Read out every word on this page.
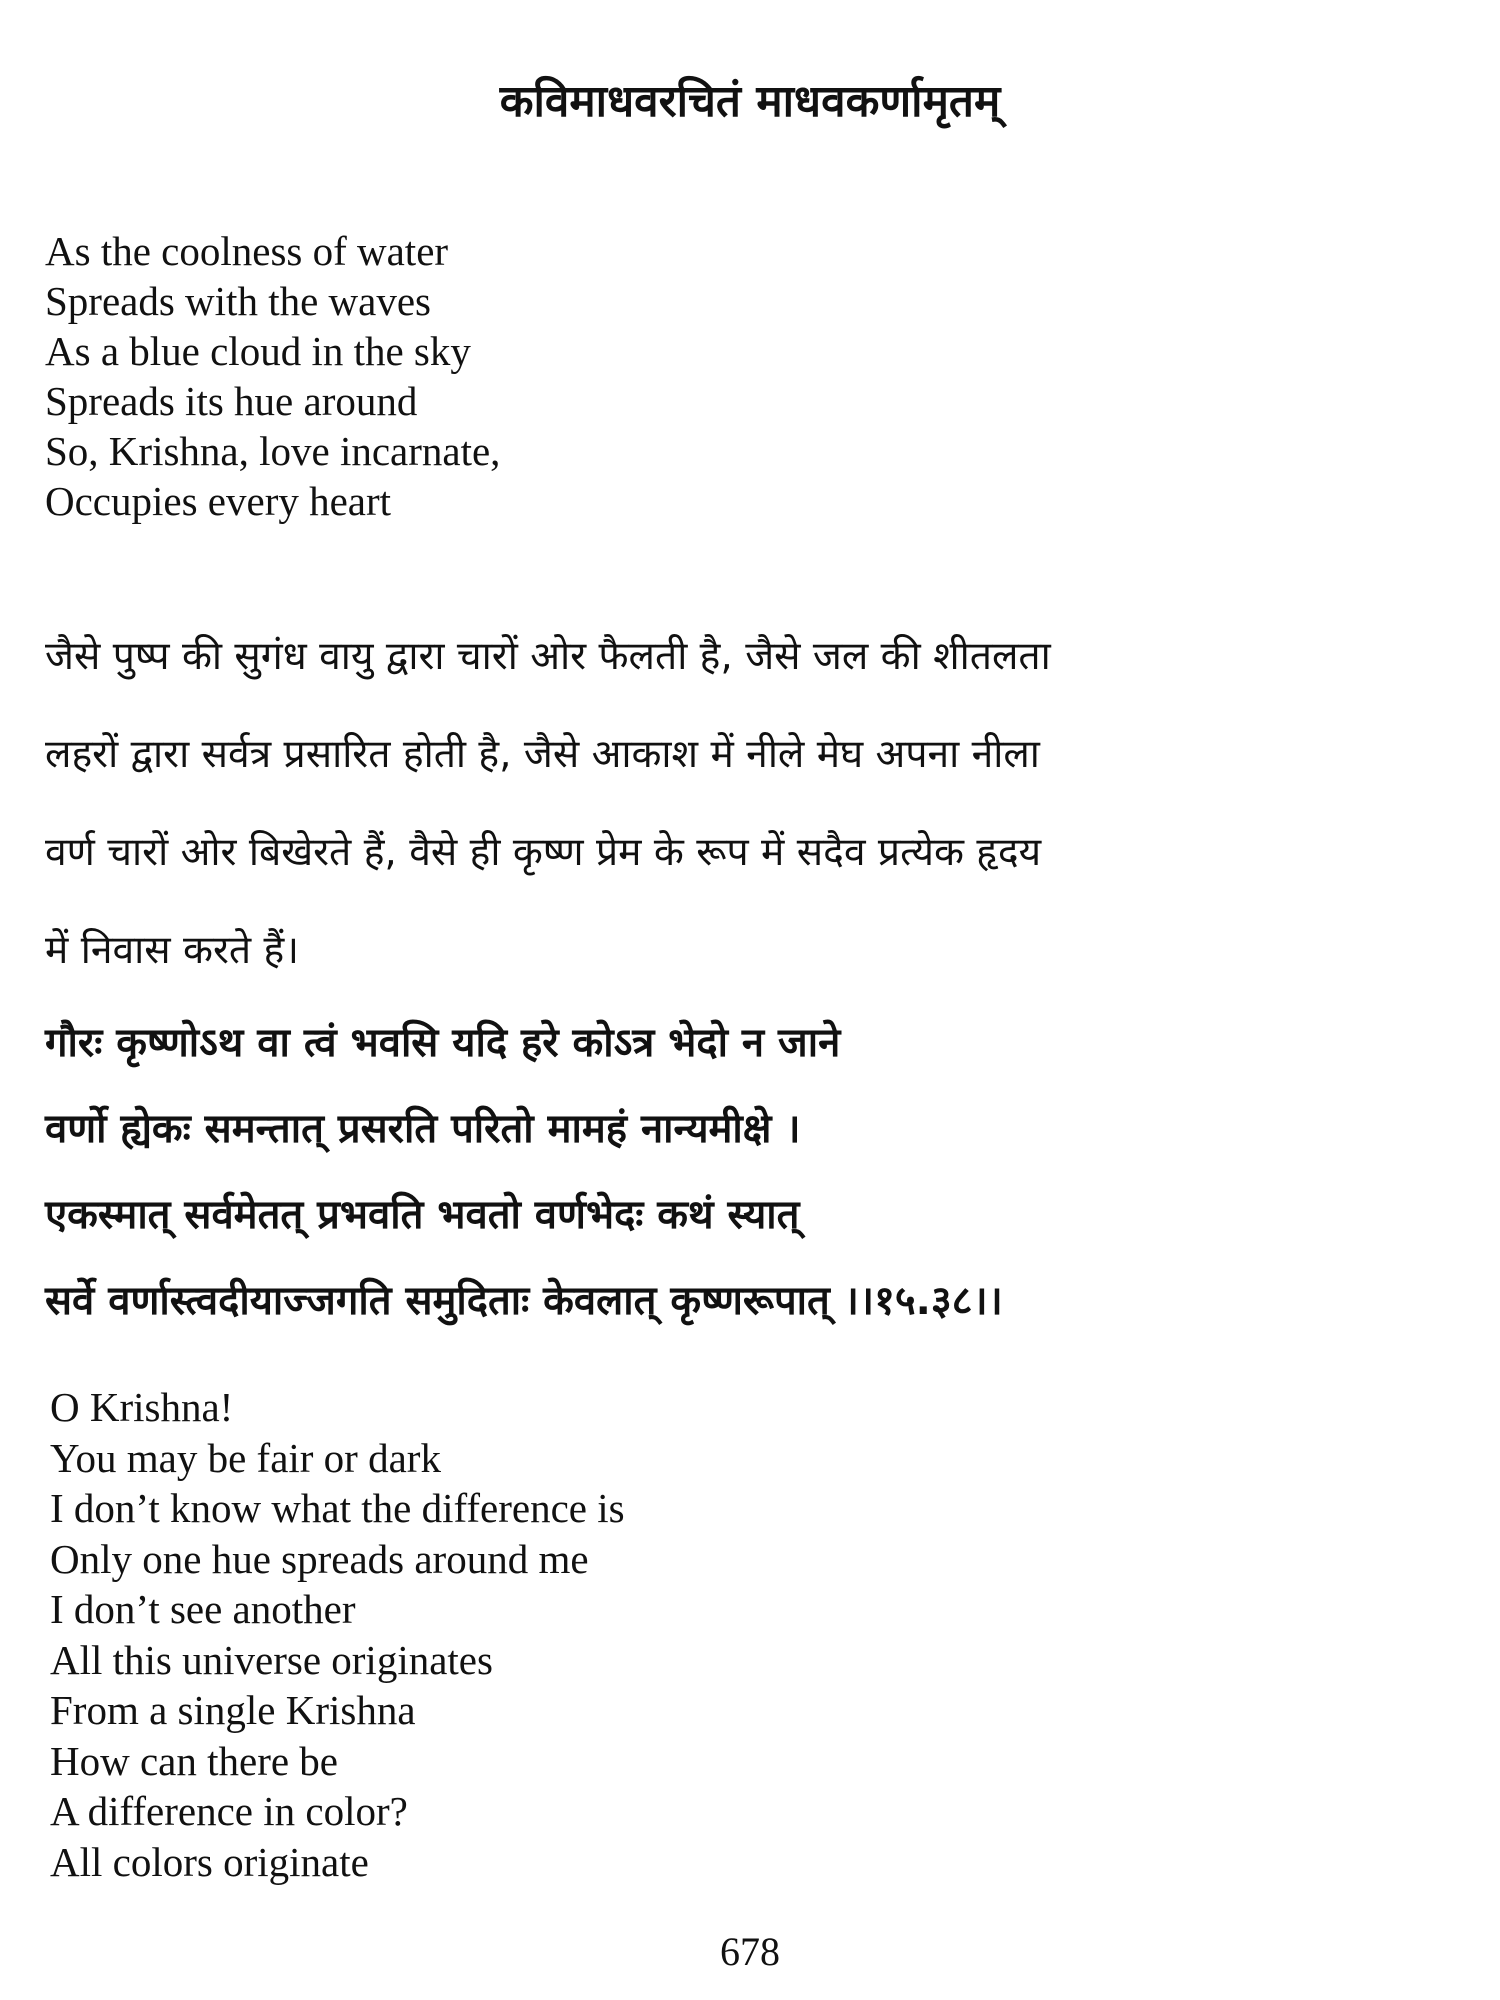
कविमाधवरचितं माधवकर्णामृतम्
As the coolness of water
Spreads with the waves
As a blue cloud in the sky
Spreads its hue around
So, Krishna, love incarnate,
Occupies every heart
जैसे पुष्प की सुगंध वायु द्वारा चारों ओर फैलती है, जैसे जल की शीतलता
लहरों द्वारा सर्वत्र प्रसारित होती है, जैसे आकाश में नीले मेघ अपना नीला
वर्ण चारों ओर बिखेरते हैं, वैसे ही कृष्ण प्रेम के रूप में सदैव प्रत्येक हृदय
में निवास करते हैं।
गौरः कृष्णोऽथ वा त्वं भवसि यदि हरे कोऽत्र भेदो न जाने
वर्णो ह्येकः समन्तात् प्रसरति परितो मामहं नान्यमीक्षे ।
एकस्मात् सर्वमेतत् प्रभवति भवतो वर्णभेदः कथं स्यात्
सर्वे वर्णास्त्वदीयाज्जगति समुदिताः केवलात् कृष्णरूपात् ।।१५.३८।।
O Krishna!
You may be fair or dark
I don’t know what the difference is
Only one hue spreads around me
I don’t see another
All this universe originates
From a single Krishna
How can there be
A difference in color?
All colors originate
678
